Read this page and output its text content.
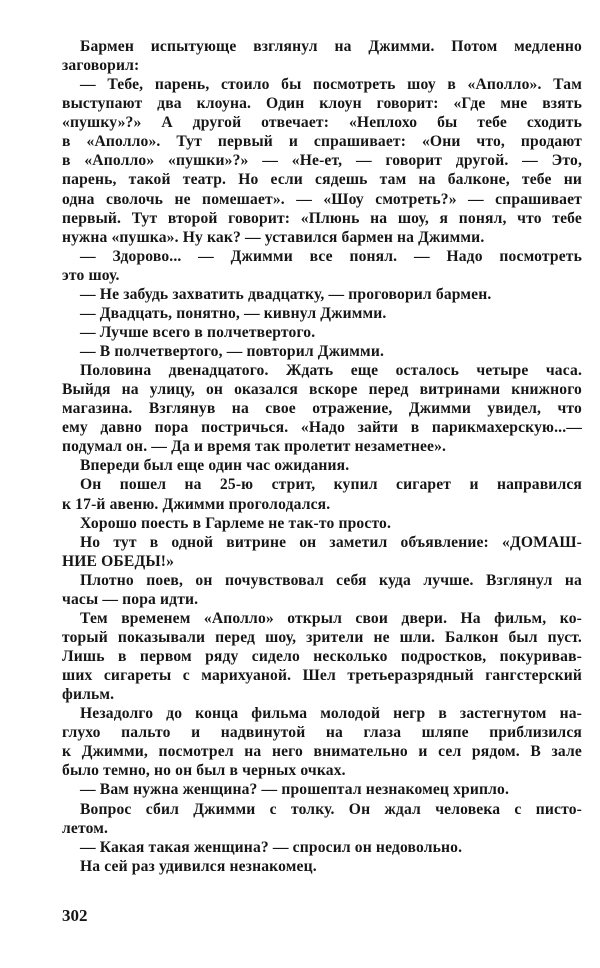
Бармен испытующе взглянул на Джимми. Потом медленно
заговорил:
— Тебе, парень, стоило бы посмотреть шоу в «Аполло». Там
выступают два клоуна. Один клоун говорит: «Где мне взять
«пушку»?» А другой отвечает: «Неплохо бы тебе сходить
в «Аполло». Тут первый и спрашивает: «Они что, продают
в «Аполло» «пушки»?» — «Не-ет, — говорит другой. — Это,
парень, такой театр. Но если сядешь там на балконе, тебе ни
одна сволочь не помешает». — «Шоу смотреть?» — спрашивает
первый. Тут второй говорит: «Плюнь на шоу, я понял, что тебе
нужна «пушка». Ну как? — уставился бармен на Джимми.
— Здорово... — Джимми все понял. — Надо посмотреть
это шоу.
— Не забудь захватить двадцатку, — проговорил бармен.
— Двадцать, понятно, — кивнул Джимми.
— Лучше всего в полчетвертого.
— В полчетвертого, — повторил Джимми.
Половина двенадцатого. Ждать еще осталось четыре часа.
Выйдя на улицу, он оказался вскоре перед витринами книжного
магазина. Взглянув на свое отражение, Джимми увидел, что
ему давно пора постричься. «Надо зайти в парикмахерскую...—
подумал он. — Да и время так пролетит незаметнее».
Впереди был еще один час ожидания.
Он пошел на 25-ю стрит, купил сигарет и направился
к 17-й авеню. Джимми проголодался.
Хорошо поесть в Гарлеме не так-то просто.
Но тут в одной витрине он заметил объявление: «ДОМАШ-
НИЕ ОБЕДЫ!»
Плотно поев, он почувствовал себя куда лучше. Взглянул на
часы — пора идти.
Тем временем «Аполло» открыл свои двери. На фильм, ко-
торый показывали перед шоу, зрители не шли. Балкон был пуст.
Лишь в первом ряду сидело несколько подростков, покуривав-
ших сигареты с марихуаной. Шел третьеразрядный гангстерский
фильм.
Незадолго до конца фильма молодой негр в застегнутом на-
глухо пальто и надвинутой на глаза шляпе приблизился
к Джимми, посмотрел на него внимательно и сел рядом. В зале
было темно, но он был в черных очках.
— Вам нужна женщина? — прошептал незнакомец хрипло.
Вопрос сбил Джимми с толку. Он ждал человека с писто-
летом.
— Какая такая женщина? — спросил он недовольно.
На сей раз удивился незнакомец.
302
